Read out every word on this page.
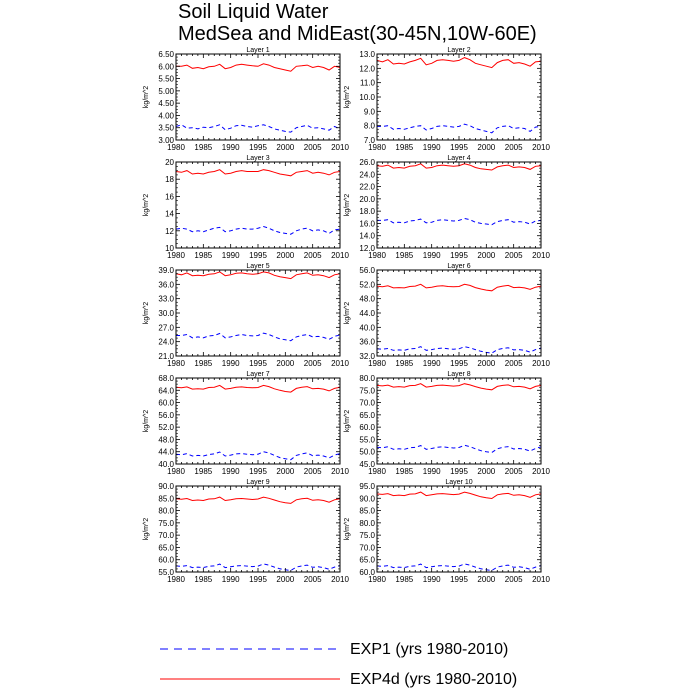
Soil Liquid Water
MedSea and MidEast(30-45N,10W-60E)
Layer 1
kg/m^2
1980 1985 1990 1995 2000 2005 2010
3.00
3.50
4.00
4.50
5.00
5.50
6.00
6.50	Layer 2
kg/m^2
1980 1985 1990 1995 2000 2005 2010
7.0
8.0
9.0
10.0
11.0
12.0
13.0
Layer 3
kg/m^2
1980 1985 1990 1995 2000 2005 2010
10
12
14
16
18
20	Layer 4
kg/m^2
1980 1985 1990 1995 2000 2005 2010
12.0
14.0
16.0
18.0
20.0
22.0
24.0
26.0
Layer 5
kg/m^2
1980 1985 1990 1995 2000 2005 2010
21.0
24.0
27.0
30.0
33.0
36.0
39.0	Layer 6
kg/m^2
1980 1985 1990 1995 2000 2005 2010
32.0
36.0
40.0
44.0
48.0
52.0
56.0
Layer 7
kg/m^2
1980 1985 1990 1995 2000 2005 2010
40.0
44.0
48.0
52.0
56.0
60.0
64.0
68.0	Layer 8
kg/m^2
1980 1985 1990 1995 2000 2005 2010
45.0
50.0
55.0
60.0
65.0
70.0
75.0
80.0
Layer 9
kg/m^2
1980 1985 1990 1995 2000 2005 2010
55.0
60.0
65.0
70.0
75.0
80.0
85.0
90.0	Layer 10
kg/m^2
1980 1985 1990 1995 2000 2005 2010
60.0
65.0
70.0
75.0
80.0
85.0
90.0
95.0
EXP1 (yrs 1980-2010)
EXP4d (yrs 1980-2010)
